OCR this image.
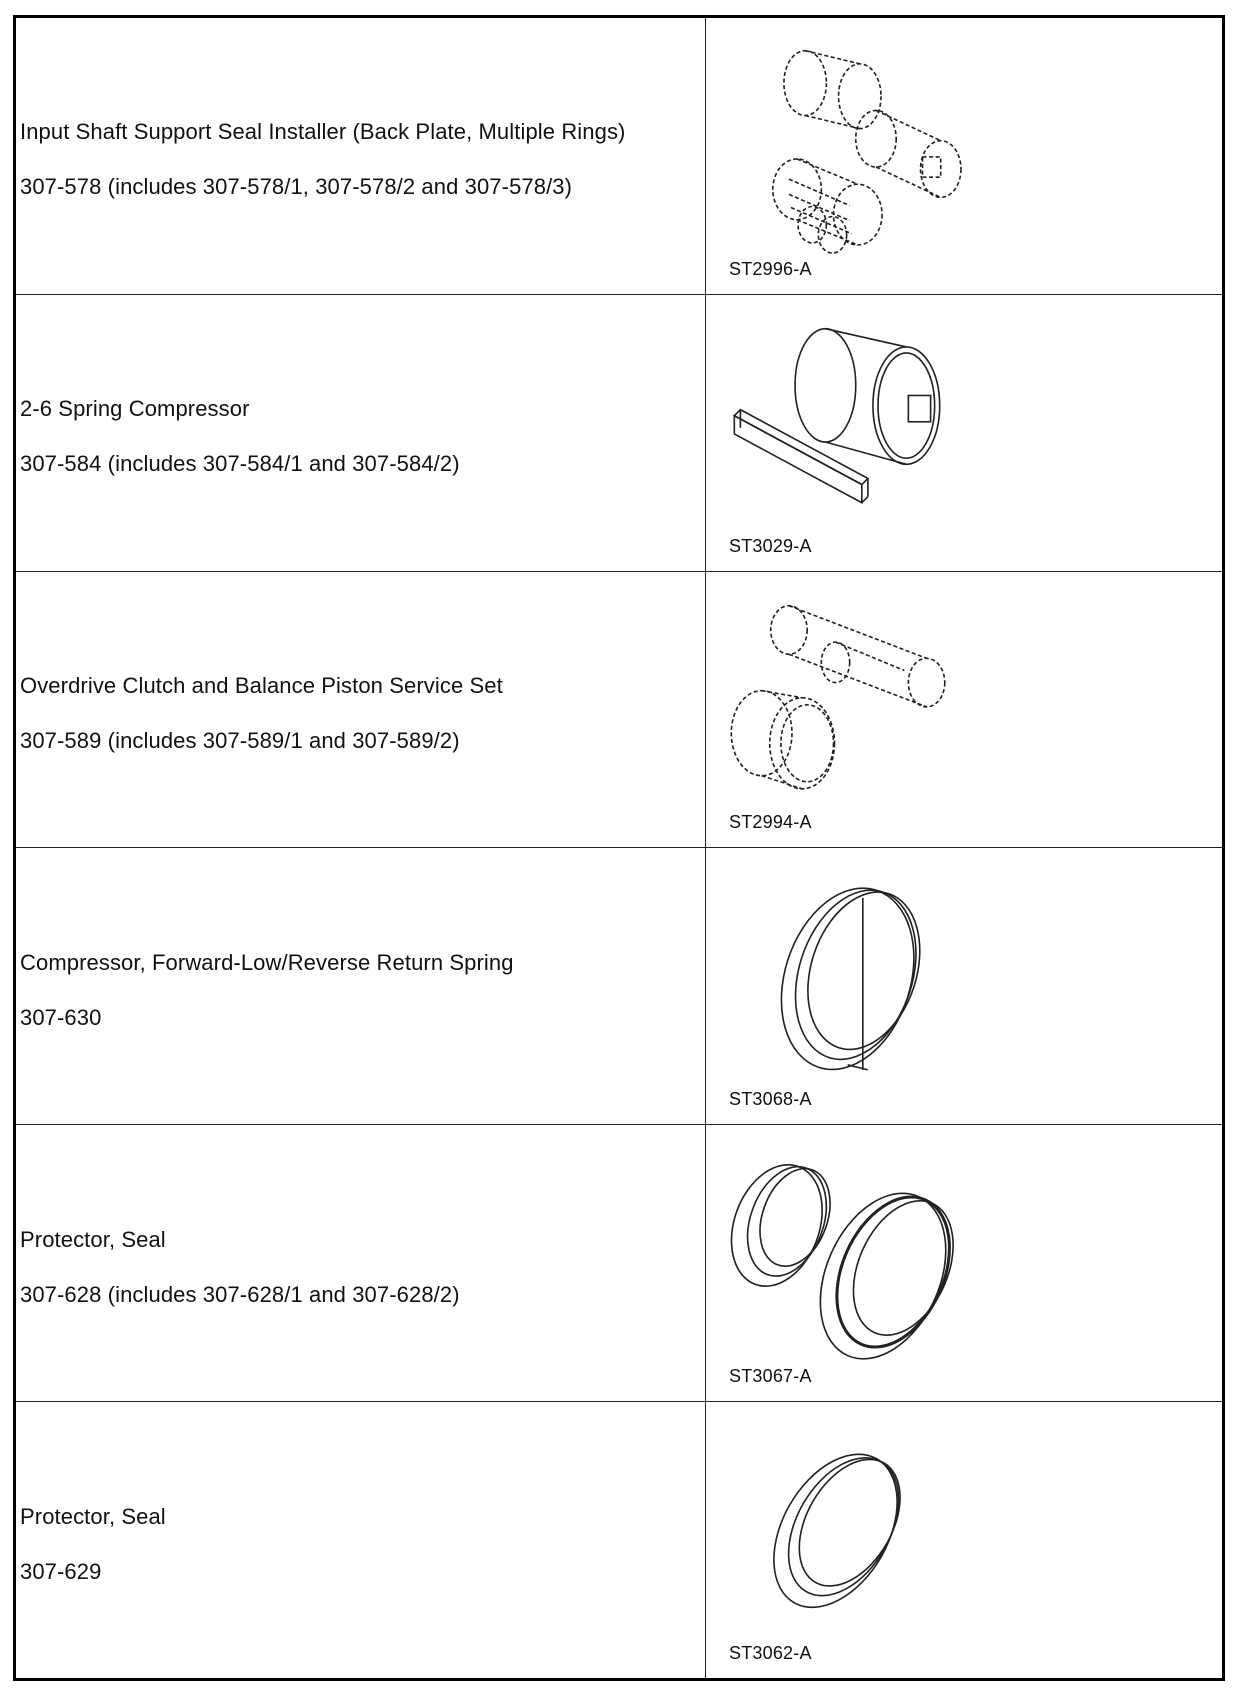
Input Shaft Support Seal Installer (Back Plate, Multiple Rings)

307-578 (includes 307-578/1, 307-578/2 and 307-578/3)

ST2996-A

2-6 Spring Compressor

307-584 (includes 307-584/1 and 307-584/2)

ST3029-A

Overdrive Clutch and Balance Piston Service Set

307-589 (includes 307-589/1 and 307-589/2)

ST2994-A

Compressor, Forward-Low/Reverse Return Spring

307-630

ST3068-A

Protector, Seal

307-628 (includes 307-628/1 and 307-628/2)

ST3067-A

Protector, Seal

307-629

ST3062-A
